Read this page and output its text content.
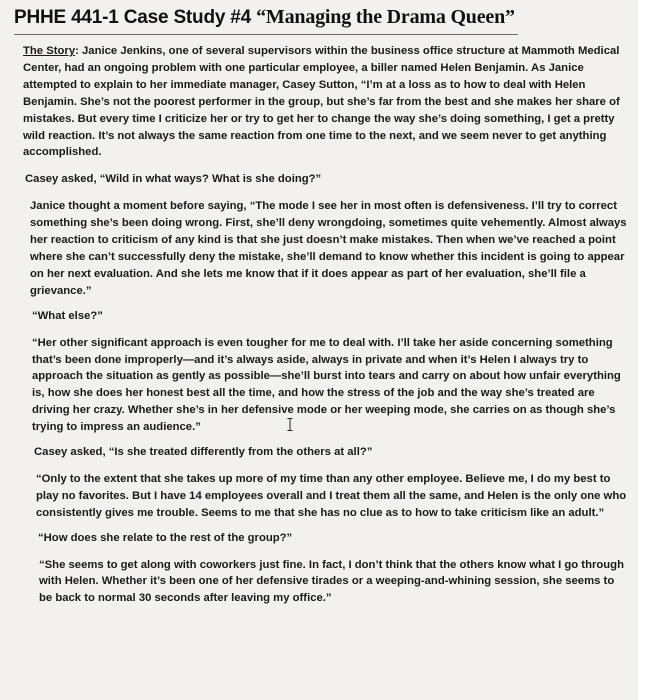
PHHE 441-1 Case Study #4 “Managing the Drama Queen”

The Story: Janice Jenkins, one of several supervisors within the business office structure at Mammoth Medical Center, had an ongoing problem with one particular employee, a biller named Helen Benjamin. As Janice attempted to explain to her immediate manager, Casey Sutton, “I’m at a loss as to how to deal with Helen Benjamin. She’s not the poorest performer in the group, but she’s far from the best and she makes her share of mistakes. But every time I criticize her or try to get her to change the way she’s doing something, I get a pretty wild reaction. It’s not always the same reaction from one time to the next, and we seem never to get anything accomplished.

Casey asked, “Wild in what ways? What is she doing?”

Janice thought a moment before saying, “The mode I see her in most often is defensiveness. I’ll try to correct something she’s been doing wrong. First, she’ll deny wrongdoing, sometimes quite vehemently. Almost always her reaction to criticism of any kind is that she just doesn’t make mistakes. Then when we’ve reached a point where she can’t successfully deny the mistake, she’ll demand to know whether this incident is going to appear on her next evaluation. And she lets me know that if it does appear as part of her evaluation, she’ll file a grievance.”

“What else?”

“Her other significant approach is even tougher for me to deal with. I’ll take her aside concerning something that’s been done improperly—and it’s always aside, always in private and when it’s Helen I always try to approach the situation as gently as possible—she’ll burst into tears and carry on about how unfair everything is, how she does her honest best all the time, and how the stress of the job and the way she’s treated are driving her crazy. Whether she’s in her defensive mode or her weeping mode, she carries on as though she’s trying to impress an audience.”

Casey asked, “Is she treated differently from the others at all?”

“Only to the extent that she takes up more of my time than any other employee. Believe me, I do my best to play no favorites. But I have 14 employees overall and I treat them all the same, and Helen is the only one who consistently gives me trouble. Seems to me that she has no clue as to how to take criticism like an adult.”

“How does she relate to the rest of the group?”

“She seems to get along with coworkers just fine. In fact, I don’t think that the others know what I go through with Helen. Whether it’s been one of her defensive tirades or a weeping-and-whining session, she seems to be back to normal 30 seconds after leaving my office.”
